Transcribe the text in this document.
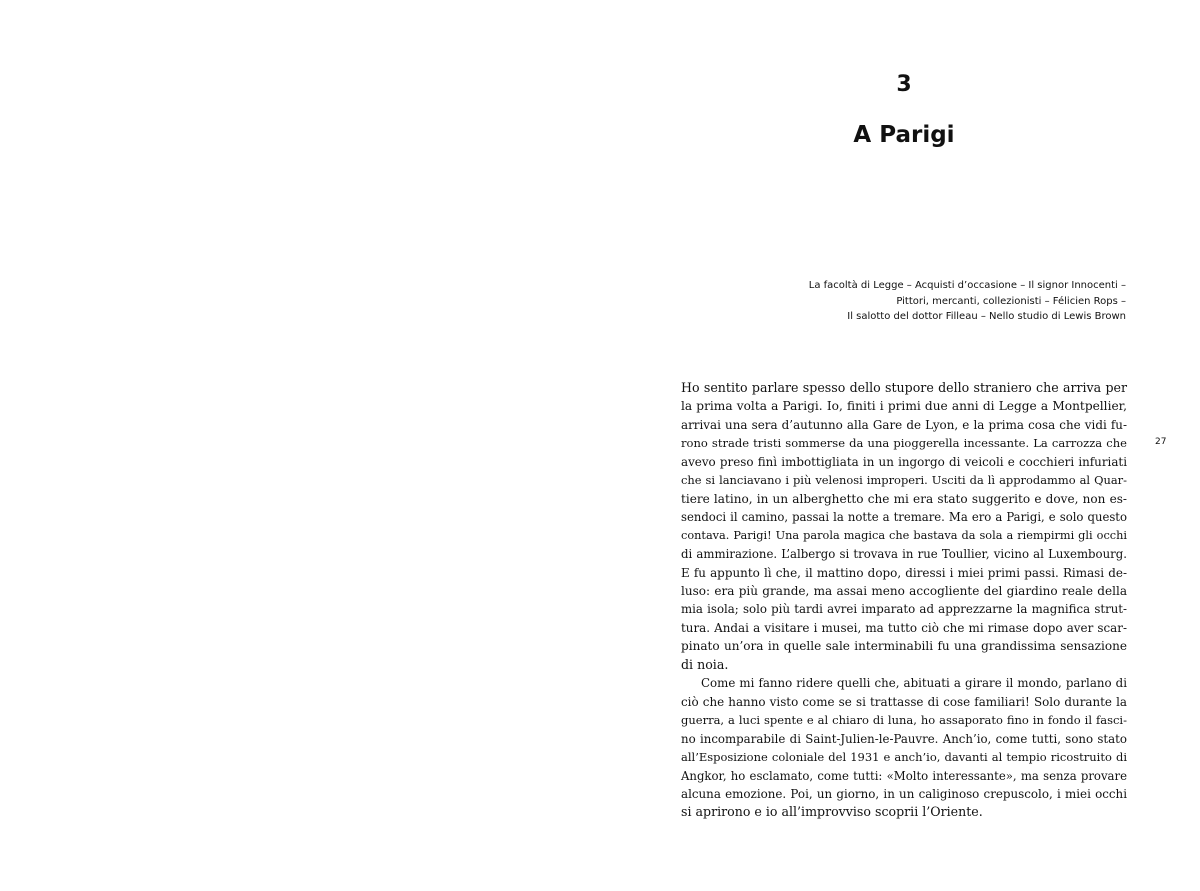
3
A Parigi
La facoltà di Legge – Acquisti d’occasione – Il signor Innocenti –
Pittori, mercanti, collezionisti – Félicien Rops –
Il salotto del dottor Filleau – Nello studio di Lewis Brown

Ho sentito parlare spesso dello stupore dello straniero che arriva per

la prima volta a Parigi. Io, finiti i primi due anni di Legge a Montpellier,

arrivai una sera d’autunno alla Gare de Lyon, e la prima cosa che vidi fu-

rono strade tristi sommerse da una pioggerella incessante. La carrozza che

avevo preso finì imbottigliata in un ingorgo di veicoli e cocchieri infuriati

che si lanciavano i più velenosi improperi. Usciti da lì approdammo al Quar-

tiere latino, in un alberghetto che mi era stato suggerito e dove, non es-

sendoci il camino, passai la notte a tremare. Ma ero a Parigi, e solo questo

contava. Parigi! Una parola magica che bastava da sola a riempirmi gli occhi

di ammirazione. L’albergo si trovava in rue Toullier, vicino al Luxembourg.

E fu appunto lì che, il mattino dopo, diressi i miei primi passi. Rimasi de-

luso: era più grande, ma assai meno accogliente del giardino reale della

mia isola; solo più tardi avrei imparato ad apprezzarne la magnifica strut-

tura. Andai a visitare i musei, ma tutto ciò che mi rimase dopo aver scar-

pinato un’ora in quelle sale interminabili fu una grandissima sensazione

di noia.

Come mi fanno ridere quelli che, abituati a girare il mondo, parlano di

ciò che hanno visto come se si trattasse di cose familiari! Solo durante la

guerra, a luci spente e al chiaro di luna, ho assaporato fino in fondo il fasci-

no incomparabile di Saint-Julien-le-Pauvre. Anch’io, come tutti, sono stato

all’Esposizione coloniale del 1931 e anch’io, davanti al tempio ricostruito di

Angkor, ho esclamato, come tutti: «Molto interessante», ma senza provare

alcuna emozione. Poi, un giorno, in un caliginoso crepuscolo, i miei occhi

si aprirono e io all’improvviso scoprii l’Oriente.

27
